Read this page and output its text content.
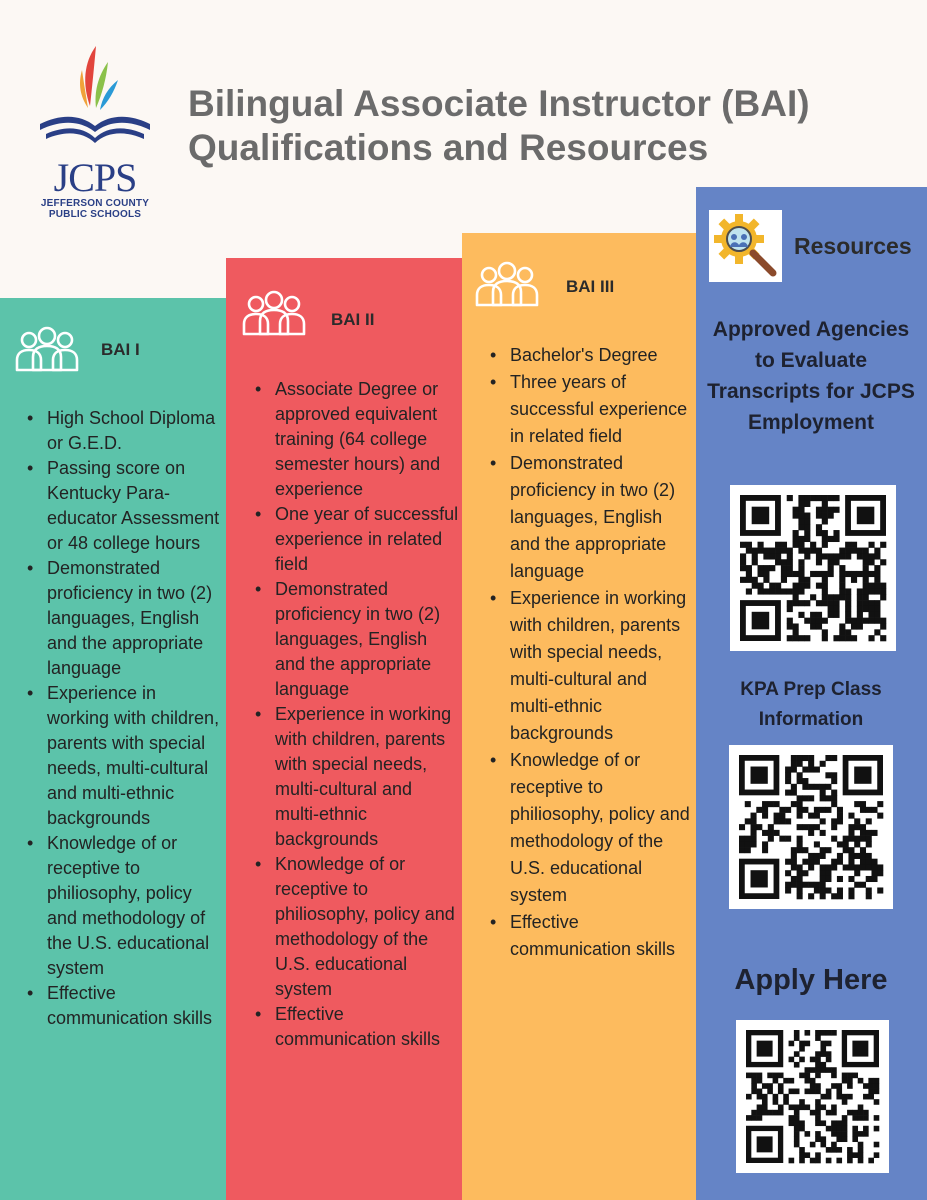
JCPS
JEFFERSON COUNTY
PUBLIC SCHOOLS
Bilingual Associate Instructor (BAI)
Qualifications and Resources
BAI I
• High School Diploma or G.E.D.
• Passing score on Kentucky Para-educator Assessment or 48 college hours
• Demonstrated proficiency in two (2) languages, English and the appropriate language
• Experience in working with children, parents with special needs, multi-cultural and multi-ethnic backgrounds
• Knowledge of or receptive to philiosophy, policy and methodology of the U.S. educational system
• Effective communication skills
BAI II
• Associate Degree or approved equivalent training (64 college semester hours) and experience
• One year of successful experience in related field
• Demonstrated proficiency in two (2) languages, English and the appropriate language
• Experience in working with children, parents with special needs, multi-cultural and multi-ethnic backgrounds
• Knowledge of or receptive to philiosophy, policy and methodology of the U.S. educational system
• Effective communication skills
BAI III
• Bachelor's Degree
• Three years of successful experience in related field
• Demonstrated proficiency in two (2) languages, English and the appropriate language
• Experience in working with children, parents with special needs, multi-cultural and multi-ethnic backgrounds
• Knowledge of or receptive to philiosophy, policy and methodology of the U.S. educational system
• Effective communication skills
Resources
Approved Agencies to Evaluate Transcripts for JCPS Employment
KPA Prep Class Information
Apply Here
